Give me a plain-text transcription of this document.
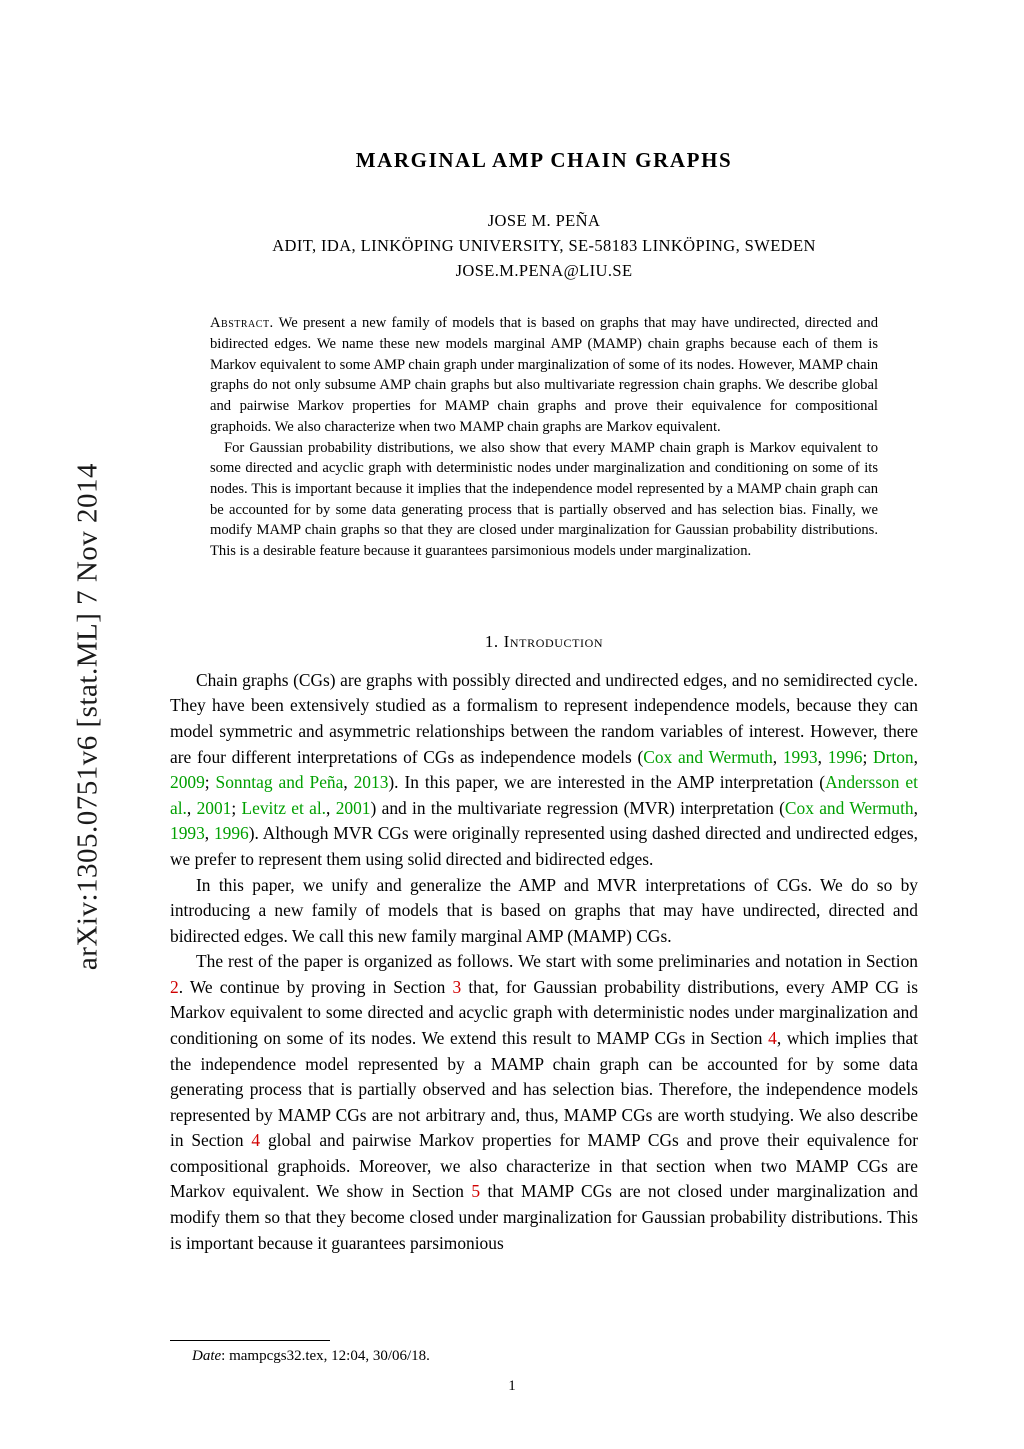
arXiv:1305.0751v6 [stat.ML] 7 Nov 2014
MARGINAL AMP CHAIN GRAPHS
JOSE M. PEÑA
ADIT, IDA, LINKÖPING UNIVERSITY, SE-58183 LINKÖPING, SWEDEN
JOSE.M.PENA@LIU.SE

Abstract. We present a new family of models that is based on graphs that may have undirected, directed and bidirected edges. We name these new models marginal AMP (MAMP) chain graphs because each of them is Markov equivalent to some AMP chain graph under marginalization of some of its nodes. However, MAMP chain graphs do not only subsume AMP chain graphs but also multivariate regression chain graphs. We describe global and pairwise Markov properties for MAMP chain graphs and prove their equivalence for compositional graphoids. We also characterize when two MAMP chain graphs are Markov equivalent.

For Gaussian probability distributions, we also show that every MAMP chain graph is Markov equivalent to some directed and acyclic graph with deterministic nodes under marginalization and conditioning on some of its nodes. This is important because it implies that the independence model represented by a MAMP chain graph can be accounted for by some data generating process that is partially observed and has selection bias. Finally, we modify MAMP chain graphs so that they are closed under marginalization for Gaussian probability distributions. This is a desirable feature because it guarantees parsimonious models under marginalization.

1. Introduction

Chain graphs (CGs) are graphs with possibly directed and undirected edges, and no semidirected cycle. They have been extensively studied as a formalism to represent independence models, because they can model symmetric and asymmetric relationships between the random variables of interest. However, there are four different interpretations of CGs as independence models (Cox and Wermuth, 1993, 1996; Drton, 2009; Sonntag and Peña, 2013). In this paper, we are interested in the AMP interpretation (Andersson et al., 2001; Levitz et al., 2001) and in the multivariate regression (MVR) interpretation (Cox and Wermuth, 1993, 1996). Although MVR CGs were originally represented using dashed directed and undirected edges, we prefer to represent them using solid directed and bidirected edges.

In this paper, we unify and generalize the AMP and MVR interpretations of CGs. We do so by introducing a new family of models that is based on graphs that may have undirected, directed and bidirected edges. We call this new family marginal AMP (MAMP) CGs.

The rest of the paper is organized as follows. We start with some preliminaries and notation in Section 2. We continue by proving in Section 3 that, for Gaussian probability distributions, every AMP CG is Markov equivalent to some directed and acyclic graph with deterministic nodes under marginalization and conditioning on some of its nodes. We extend this result to MAMP CGs in Section 4, which implies that the independence model represented by a MAMP chain graph can be accounted for by some data generating process that is partially observed and has selection bias. Therefore, the independence models represented by MAMP CGs are not arbitrary and, thus, MAMP CGs are worth studying. We also describe in Section 4 global and pairwise Markov properties for MAMP CGs and prove their equivalence for compositional graphoids. Moreover, we also characterize in that section when two MAMP CGs are Markov equivalent. We show in Section 5 that MAMP CGs are not closed under marginalization and modify them so that they become closed under marginalization for Gaussian probability distributions. This is important because it guarantees parsimonious

Date: mampcgs32.tex, 12:04, 30/06/18.
1
